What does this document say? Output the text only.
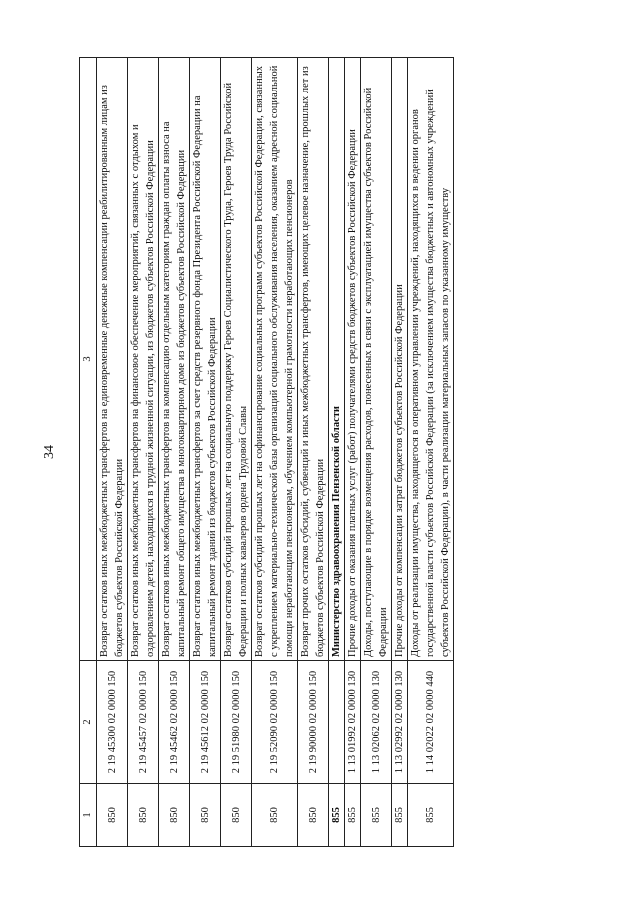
34
1	2	3
850	2 19 45300 02 0000 150	Возврат остатков иных межбюджетных трансфертов на единовременные денежные компенсации реабилитированным лицам из бюджетов субъектов Российской Федерации
850	2 19 45457 02 0000 150	Возврат остатков иных межбюджетных трансфертов на финансовое обеспечение мероприятий, связанных с отдыхом и оздоровлением детей, находящихся в трудной жизненной ситуации, из бюджетов субъектов Российской Федерации
850	2 19 45462 02 0000 150	Возврат остатков иных межбюджетных трансфертов на компенсацию отдельным категориям граждан оплаты взноса на капитальный ремонт общего имущества в многоквартирном доме из бюджетов субъектов Российской Федерации
850	2 19 45612 02 0000 150	Возврат остатков иных межбюджетных трансфертов за счет средств резервного фонда Президента Российской Федерации на капитальный ремонт зданий из бюджетов субъектов Российской Федерации
850	2 19 51980 02 0000 150	Возврат остатков субсидий прошлых лет на социальную поддержку Героев Социалистического Труда, Героев Труда Российской Федерации и полных кавалеров ордена Трудовой Славы
850	2 19 52090 02 0000 150	Возврат остатков субсидий прошлых лет на софинансирование социальных программ субъектов Российской Федерации, связанных с укреплением материально-технической базы организаций социального обслуживания населения, оказанием адресной социальной помощи неработающим пенсионерам, обучением компьютерной грамотности неработающих пенсионеров
850	2 19 90000 02 0000 150	Возврат прочих остатков субсидий, субвенций и иных межбюджетных трансфертов, имеющих целевое назначение, прошлых лет из бюджетов субъектов Российской Федерации
855		Министерство здравоохранения Пензенской области
855	1 13 01992 02 0000 130	Прочие доходы от оказания платных услуг (работ) получателями средств бюджетов субъектов Российской Федерации
855	1 13 02062 02 0000 130	Доходы, поступающие в порядке возмещения расходов, понесенных в связи с эксплуатацией имущества субъектов Российской Федерации
855	1 13 02992 02 0000 130	Прочие доходы от компенсации затрат бюджетов субъектов Российской Федерации
855	1 14 02022 02 0000 440	Доходы от реализации имущества, находящегося в оперативном управлении учреждений, находящихся в ведении органов государственной власти субъектов Российской Федерации (за исключением имущества бюджетных и автономных учреждений субъектов Российской Федерации), в части реализации материальных запасов по указанному имуществу
